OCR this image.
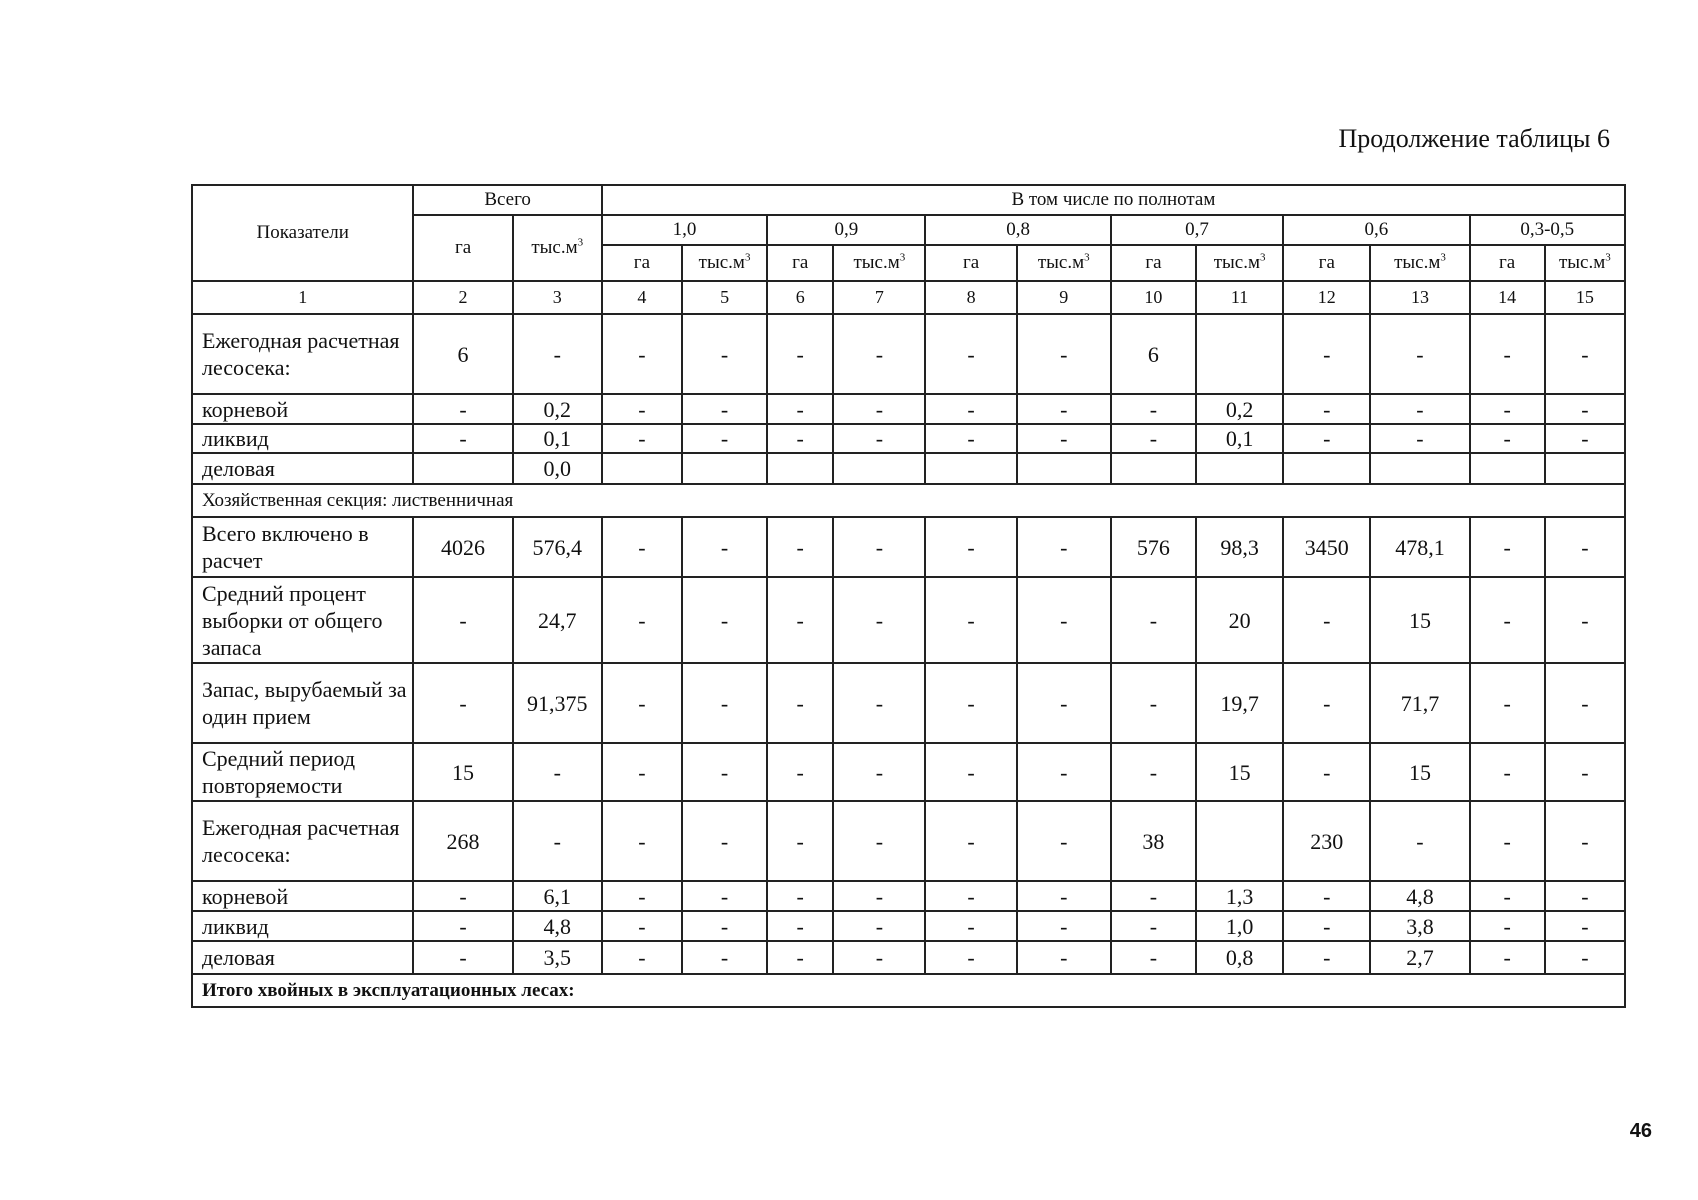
Продолжение таблицы 6
Показатели	Всего		В том числе по полнотам											
	га	$тыс.м^3$	1,0		0,9		0,8		0,7		0,6		0,3-0,5	
			га	$тыс.м^3$	га	$тыс.м^3$	га	$тыс.м^3$	га	$тыс.м^3$	га	$тыс.м^3$	га	$тыс.м^3$
1	2	3	4	5	6	7	8	9	10	11	12	13	14	15
Ежегодная расчетная лесосека:	6	-	-	-	-	-	-	-	6		-	-	-	-
корневой	-	0,2	-	-	-	-	-	-	-	0,2	-	-	-	-
ликвид	-	0,1	-	-	-	-	-	-	-	0,1	-	-	-	-
деловая		0,0												
Хозяйственная секция: лиственничная														
Всего включено в расчет	4026	576,4	-	-	-	-	-	-	576	98,3	3450	478,1	-	-
Средний процент выборки от общего запаса	-	24,7	-	-	-	-	-	-	-	20	-	15	-	-
Запас, вырубаемый за один прием	-	91,375	-	-	-	-	-	-	-	19,7	-	71,7	-	-
Средний период повторяемости	15	-	-	-	-	-	-	-	-	15	-	15	-	-
Ежегодная расчетная лесосека:	268	-	-	-	-	-	-	-	38		230	-	-	-
корневой	-	6,1	-	-	-	-	-	-	-	1,3	-	4,8	-	-
ликвид	-	4,8	-	-	-	-	-	-	-	1,0	-	3,8	-	-
деловая	-	3,5	-	-	-	-	-	-	-	0,8	-	2,7	-	-
Итого хвойных в эксплуатационных лесах:														
46
